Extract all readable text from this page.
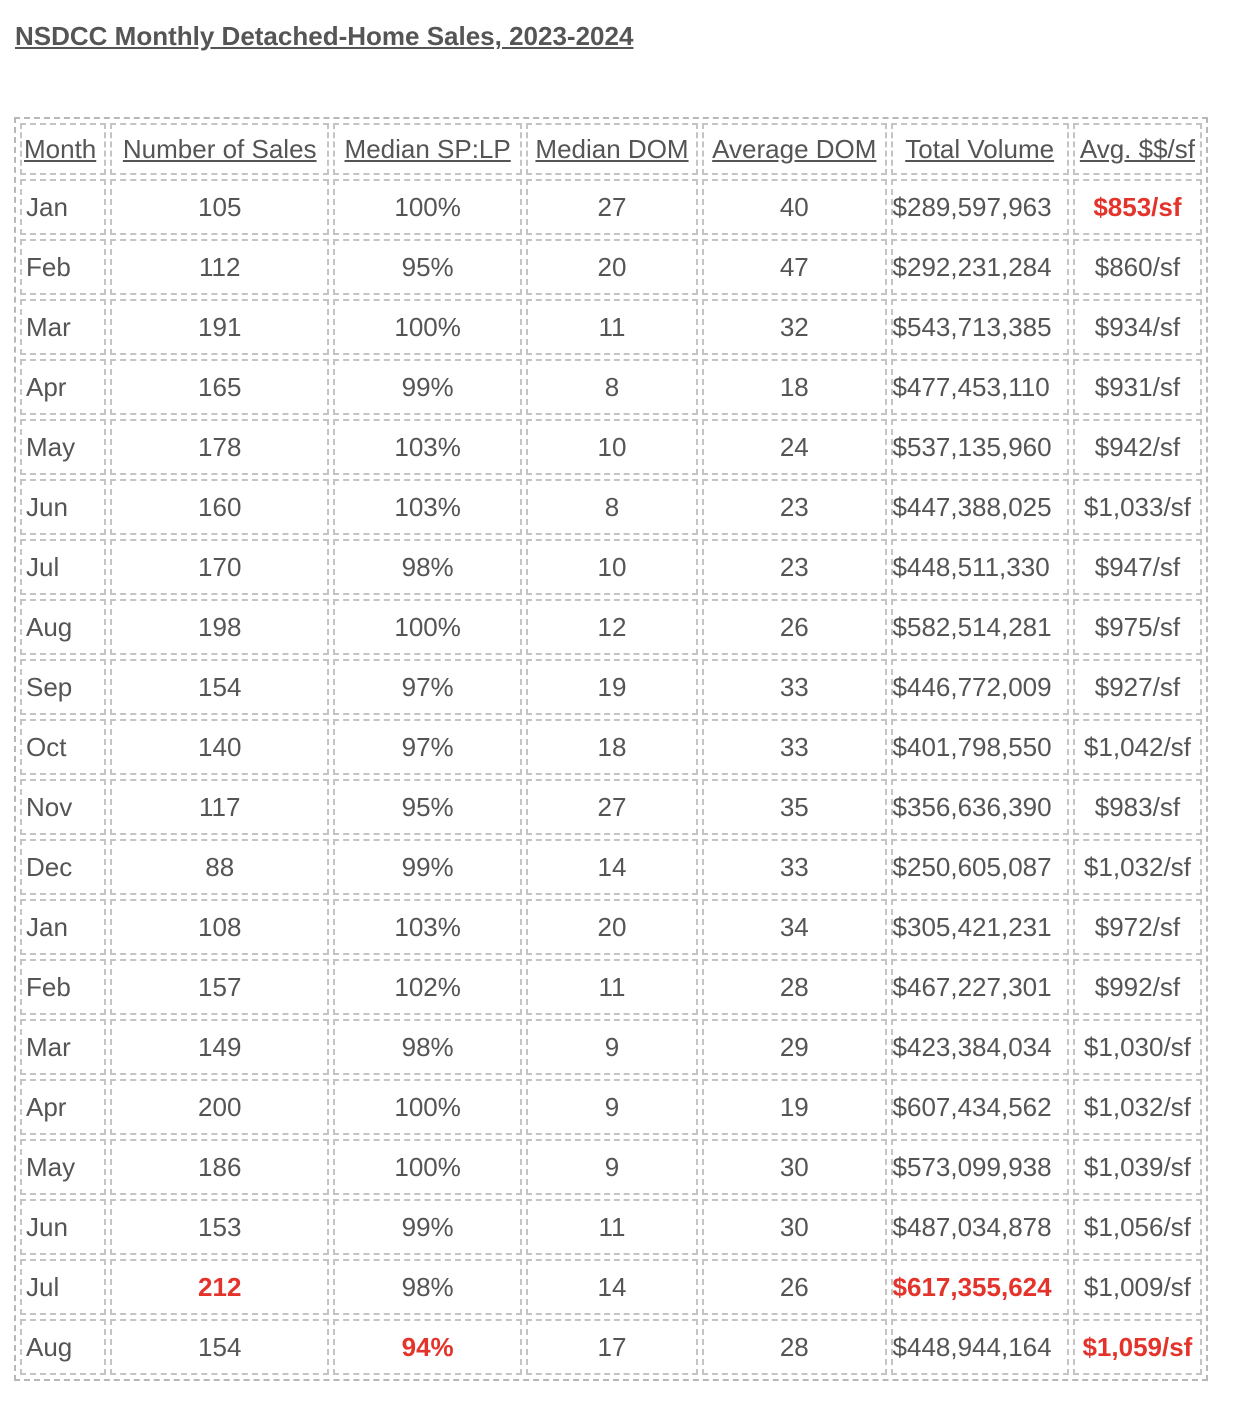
NSDCC Monthly Detached-Home Sales, 2023-2024
Month	Number of Sales	Median SP:LP	Median DOM	Average DOM	Total Volume	Avg. $$/sf
Jan	105	100%	27	40	$289,597,963	$853/sf
Feb	112	95%	20	47	$292,231,284	$860/sf
Mar	191	100%	11	32	$543,713,385	$934/sf
Apr	165	99%	8	18	$477,453,110	$931/sf
May	178	103%	10	24	$537,135,960	$942/sf
Jun	160	103%	8	23	$447,388,025	$1,033/sf
Jul	170	98%	10	23	$448,511,330	$947/sf
Aug	198	100%	12	26	$582,514,281	$975/sf
Sep	154	97%	19	33	$446,772,009	$927/sf
Oct	140	97%	18	33	$401,798,550	$1,042/sf
Nov	117	95%	27	35	$356,636,390	$983/sf
Dec	88	99%	14	33	$250,605,087	$1,032/sf
Jan	108	103%	20	34	$305,421,231	$972/sf
Feb	157	102%	11	28	$467,227,301	$992/sf
Mar	149	98%	9	29	$423,384,034	$1,030/sf
Apr	200	100%	9	19	$607,434,562	$1,032/sf
May	186	100%	9	30	$573,099,938	$1,039/sf
Jun	153	99%	11	30	$487,034,878	$1,056/sf
Jul	212	98%	14	26	$617,355,624	$1,009/sf
Aug	154	94%	17	28	$448,944,164	$1,059/sf
